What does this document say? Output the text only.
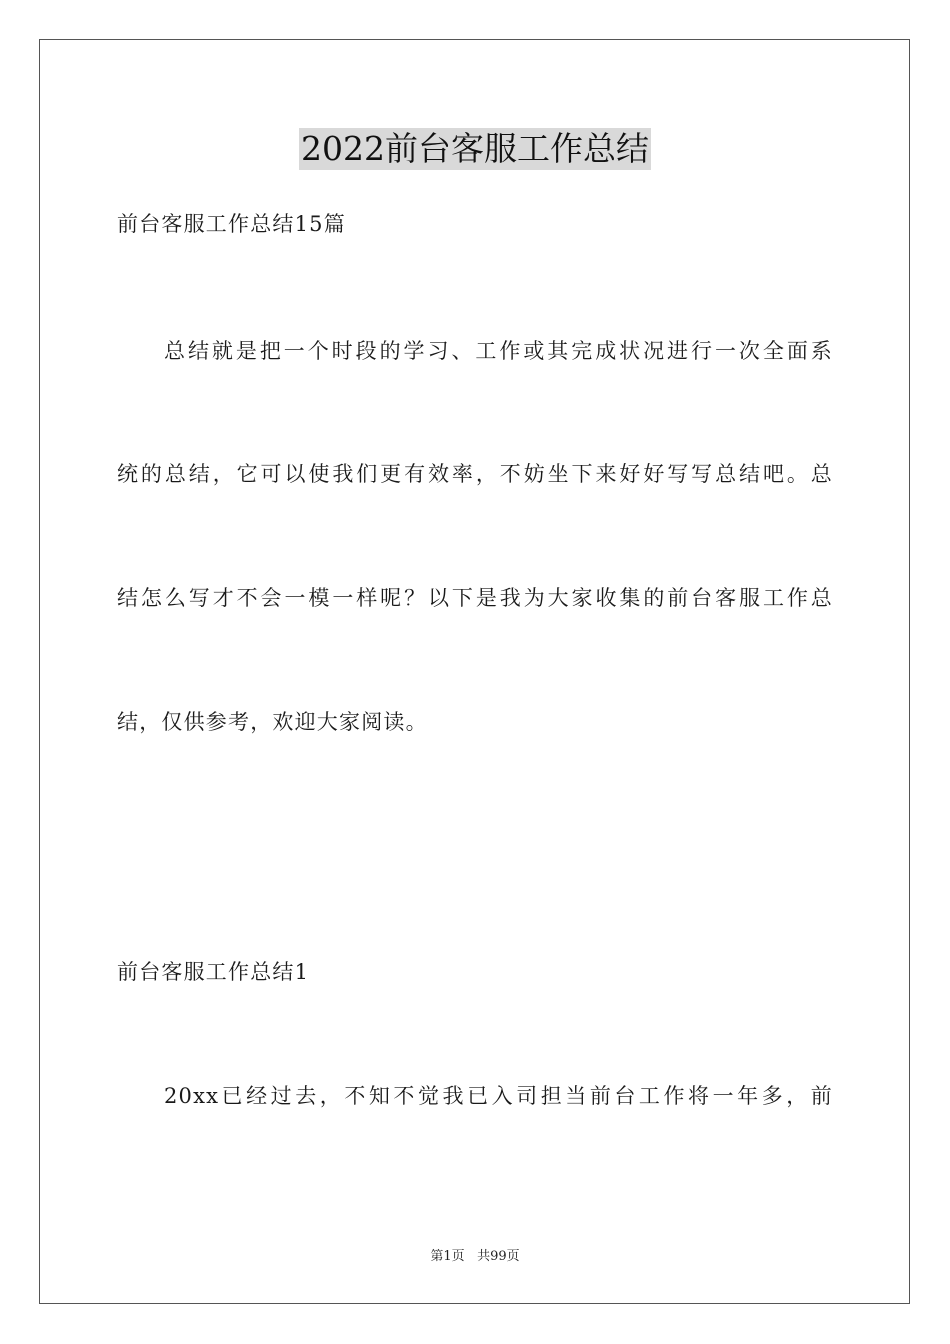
2022前台客服工作总结
前台客服工作总结15篇
总结就是把一个时段的学习、工作或其完成状况进行一次全面系
统的总结，它可以使我们更有效率，不妨坐下来好好写写总结吧。总
结怎么写才不会一模一样呢？以下是我为大家收集的前台客服工作总
结，仅供参考，欢迎大家阅读。
前台客服工作总结1
20xx已经过去，不知不觉我已入司担当前台工作将一年多，前
第1页 共99页
